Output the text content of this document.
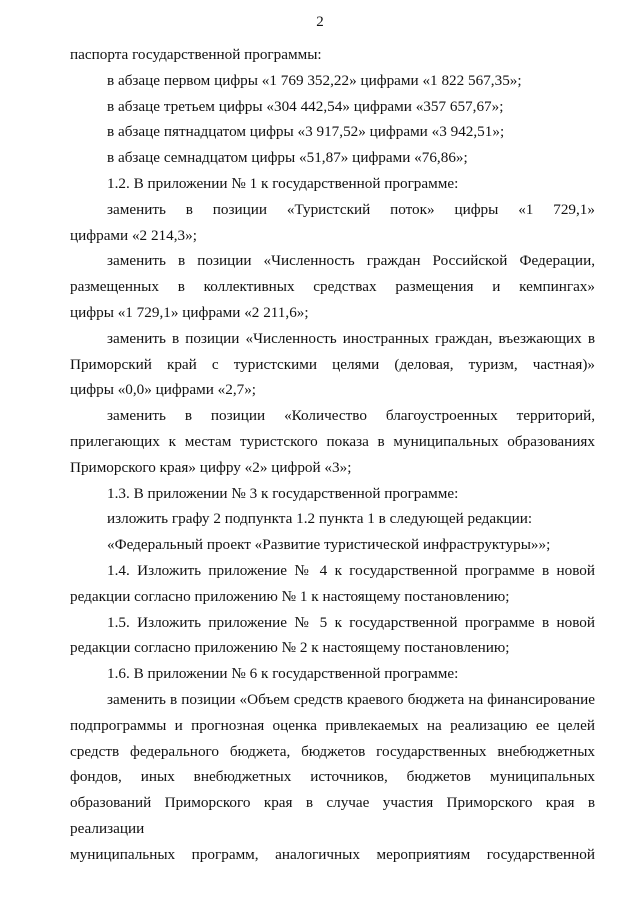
2
паспорта государственной программы:
в абзаце первом цифры «1 769 352,22» цифрами «1 822 567,35»;
в абзаце третьем цифры «304 442,54» цифрами «357 657,67»;
в абзаце пятнадцатом цифры «3 917,52» цифрами «3 942,51»;
в абзаце семнадцатом цифры «51,87» цифрами «76,86»;
1.2. В приложении № 1 к государственной программе:
заменить в позиции «Туристский поток» цифры «1 729,1»
цифрами «2 214,3»;
заменить в позиции «Численность граждан Российской Федерации,
размещенных в коллективных средствах размещения и кемпингах»
цифры «1 729,1» цифрами «2 211,6»;
заменить в позиции «Численность иностранных граждан, въезжающих в
Приморский край с туристскими целями (деловая, туризм, частная)»
цифры «0,0» цифрами «2,7»;
заменить в позиции «Количество благоустроенных территорий,
прилегающих к местам туристского показа в муниципальных образованиях
Приморского края» цифру «2» цифрой «3»;
1.3. В приложении № 3 к государственной программе:
изложить графу 2 подпункта 1.2 пункта 1 в следующей редакции:
«Федеральный проект «Развитие туристической инфраструктуры»»;
1.4. Изложить приложение № 4 к государственной программе в новой
редакции согласно приложению № 1 к настоящему постановлению;
1.5. Изложить приложение № 5 к государственной программе в новой
редакции согласно приложению № 2 к настоящему постановлению;
1.6. В приложении № 6 к государственной программе:
заменить в позиции «Объем средств краевого бюджета на финансирование
подпрограммы и прогнозная оценка привлекаемых на реализацию ее целей
средств федерального бюджета, бюджетов государственных внебюджетных
фондов, иных внебюджетных источников, бюджетов муниципальных
образований Приморского края в случае участия Приморского края в реализации
муниципальных программ, аналогичных мероприятиям государственной
